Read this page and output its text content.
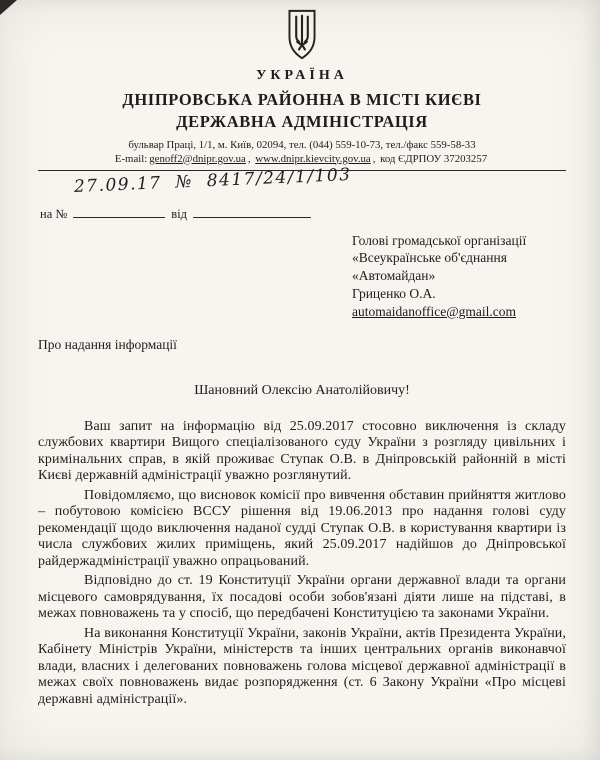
УКРАЇНА
ДНІПРОВСЬКА РАЙОННА В МІСТІ КИЄВІ
ДЕРЖАВНА АДМІНІСТРАЦІЯ
бульвар Праці, 1/1, м. Київ, 02094, тел. (044) 559-10-73, тел./факс 559-58-33
E-mail: genoff2@dnipr.gov.ua , www.dnipr.kievcity.gov.ua , код ЄДРПОУ 37203257
27.09.17  №  8417/24/1/103
на №	від
Голові громадської організації
«Всеукраїнське об'єднання
«Автомайдан»
Гриценко О.А.
automaidanoffice@gmail.com
Про надання інформації
Шановний Олексію Анатолійовичу!

Ваш запит на інформацію від 25.09.2017 стосовно виключення із складу службових квартири Вищого спеціалізованого суду України з розгляду цивільних і кримінальних справ, в якій проживає Ступак О.В. в Дніпровській районній в місті Києві державній адміністрації уважно розглянутий.

Повідомляємо, що висновок комісії про вивчення обставин прийняття житлово – побутовою комісією ВССУ рішення від 19.06.2013 про надання голові суду рекомендації щодо виключення наданої судді Ступак О.В. в користування квартири із числа службових жилих приміщень, який 25.09.2017 надійшов до Дніпровської райдержадміністрації уважно опрацьований.

Відповідно до ст. 19 Конституції України органи державної влади та органи місцевого самоврядування, їх посадові особи зобов'язані діяти лише на підставі, в межах повноважень та у спосіб, що передбачені Конституцією та законами України.

На виконання Конституції України, законів України, актів Президента України, Кабінету Міністрів України, міністерств та інших центральних органів виконавчої влади, власних і делегованих повноважень голова місцевої державної адміністрації в межах своїх повноважень видає розпорядження (ст. 6 Закону України «Про місцеві державні адміністрації».
